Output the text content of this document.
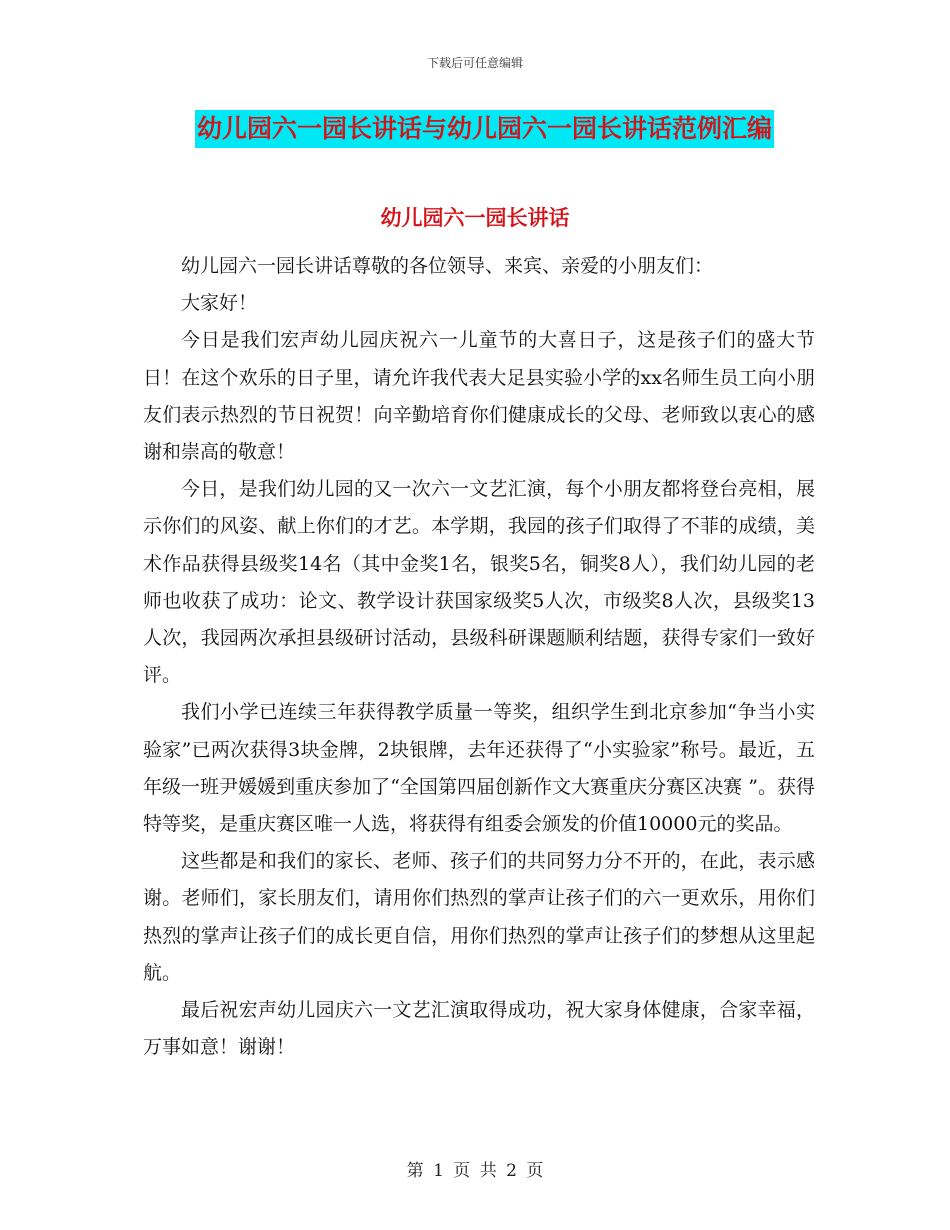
下载后可任意编辑
幼儿园六一园长讲话与幼儿园六一园长讲话范例汇编
幼儿园六一园长讲话

幼儿园六一园长讲话尊敬的各位领导、来宾、亲爱的小朋友们：

大家好！

今日是我们宏声幼儿园庆祝六一儿童节的大喜日子，这是孩子们的盛大节日！在这个欢乐的日子里，请允许我代表大足县实验小学的xx名师生员工向小朋友们表示热烈的节日祝贺！向辛勤培育你们健康成长的父母、老师致以衷心的感谢和崇高的敬意！

今日，是我们幼儿园的又一次六一文艺汇演，每个小朋友都将登台亮相，展示你们的风姿、献上你们的才艺。本学期，我园的孩子们取得了不菲的成绩，美术作品获得县级奖14名（其中金奖1名，银奖5名，铜奖8人），我们幼儿园的老师也收获了成功：论文、教学设计获国家级奖5人次，市级奖8人次，县级奖13人次，我园两次承担县级研讨活动，县级科研课题顺利结题，获得专家们一致好评。

我们小学已连续三年获得教学质量一等奖，组织学生到北京参加“争当小实验家”已两次获得3块金牌，2块银牌，去年还获得了“小实验家”称号。最近，五年级一班尹媛媛到重庆参加了“全国第四届创新作文大赛重庆分赛区决赛 ”。获得特等奖，是重庆赛区唯一人选，将获得有组委会颁发的价值10000元的奖品。

这些都是和我们的家长、老师、孩子们的共同努力分不开的，在此，表示感谢。老师们，家长朋友们，请用你们热烈的掌声让孩子们的六一更欢乐，用你们热烈的掌声让孩子们的成长更自信，用你们热烈的掌声让孩子们的梦想从这里起航。

最后祝宏声幼儿园庆六一文艺汇演取得成功，祝大家身体健康，合家幸福，万事如意！谢谢！

第 1 页 共 2 页
